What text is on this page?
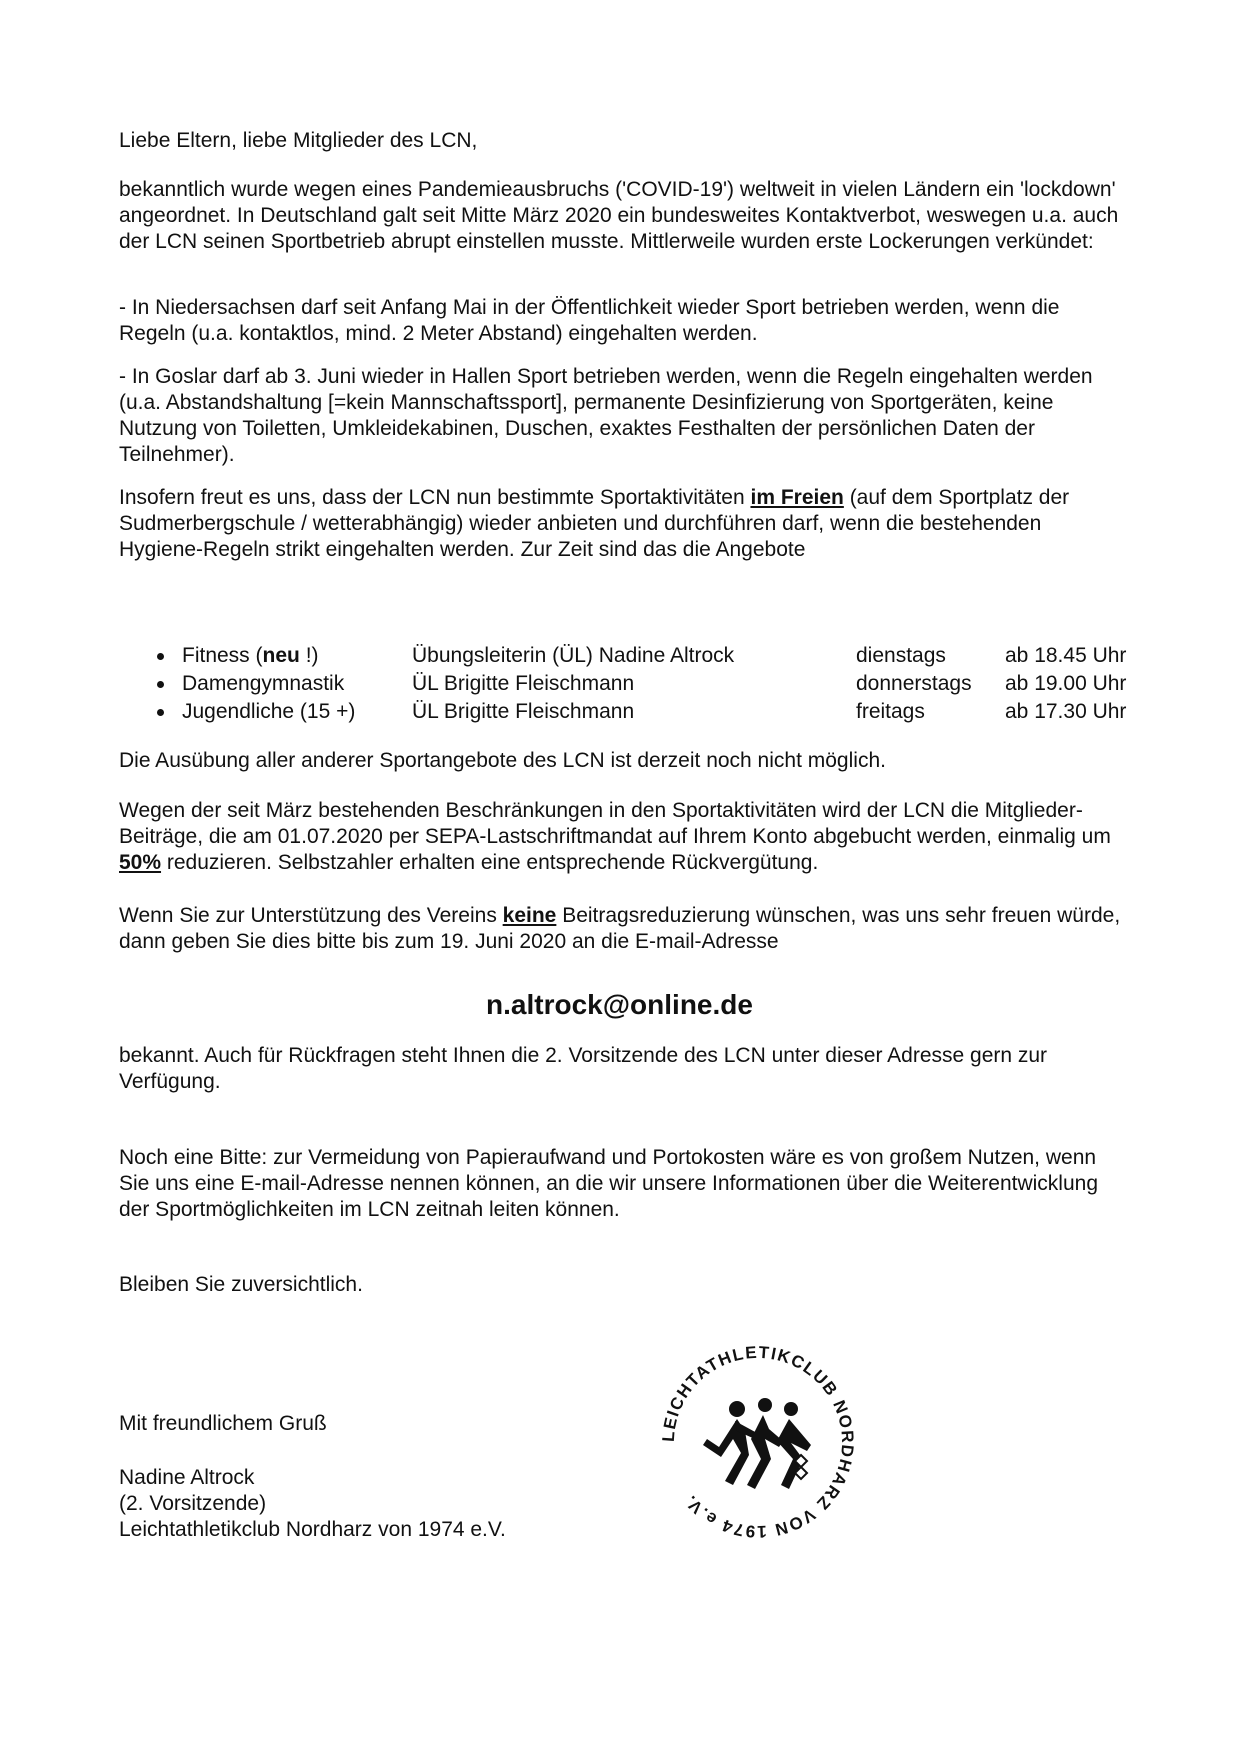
Liebe Eltern, liebe Mitglieder des LCN,

bekanntlich wurde wegen eines Pandemieausbruchs ('COVID-19') weltweit in vielen Ländern ein 'lockdown' angeordnet. In Deutschland galt seit Mitte März 2020 ein bundesweites Kontaktverbot, weswegen u.a. auch der LCN seinen Sportbetrieb abrupt einstellen musste. Mittlerweile wurden erste Lockerungen verkündet:

- In Niedersachsen darf seit Anfang Mai in der Öffentlichkeit wieder Sport betrieben werden, wenn die Regeln (u.a. kontaktlos, mind. 2 Meter Abstand) eingehalten werden.

- In Goslar darf ab 3. Juni wieder in Hallen Sport betrieben werden, wenn die Regeln eingehalten werden (u.a. Abstandshaltung [=kein Mannschaftssport], permanente Desinfizierung von Sportgeräten, keine Nutzung von Toiletten, Umkleidekabinen, Duschen, exaktes Festhalten der persönlichen Daten der Teilnehmer).

Insofern freut es uns, dass der LCN nun bestimmte Sportaktivitäten im Freien (auf dem Sportplatz der Sudmerbergschule / wetterabhängig) wieder anbieten und durchführen darf, wenn die bestehenden Hygiene-Regeln strikt eingehalten werden. Zur Zeit sind das die Angebote

Fitness (neu !)	Übungsleiterin (ÜL) Nadine Altrock	dienstags	ab 18.45 Uhr
Damengymnastik	ÜL Brigitte Fleischmann	donnerstags ab 19.00 Uhr
Jugendliche (15 +)	ÜL Brigitte Fleischmann	freitags	ab 17.30 Uhr

Die Ausübung aller anderer Sportangebote des LCN ist derzeit noch nicht möglich.

Wegen der seit März bestehenden Beschränkungen in den Sportaktivitäten wird der LCN die Mitglieder-Beiträge, die am 01.07.2020 per SEPA-Lastschriftmandat auf Ihrem Konto abgebucht werden, einmalig um 50% reduzieren. Selbstzahler erhalten eine entsprechende Rückvergütung.

Wenn Sie zur Unterstützung des Vereins keine Beitragsreduzierung wünschen, was uns sehr freuen würde, dann geben Sie dies bitte bis zum 19. Juni 2020 an die E-mail-Adresse

n.altrock@online.de

bekannt. Auch für Rückfragen steht Ihnen die 2. Vorsitzende des LCN unter dieser Adresse gern zur Verfügung.

Noch eine Bitte: zur Vermeidung von Papieraufwand und Portokosten wäre es von großem Nutzen, wenn Sie uns eine E-mail-Adresse nennen können, an die wir unsere Informationen über die Weiterentwicklung der Sportmöglichkeiten im LCN zeitnah leiten können.

Bleiben Sie zuversichtlich.

Mit freundlichem Gruß
Nadine Altrock
(2. Vorsitzende)
Leichtathletikclub Nordharz von 1974 e.V.
LEICHTATHLETIKCLUB NORDHARZ VON 1974 e.V.
